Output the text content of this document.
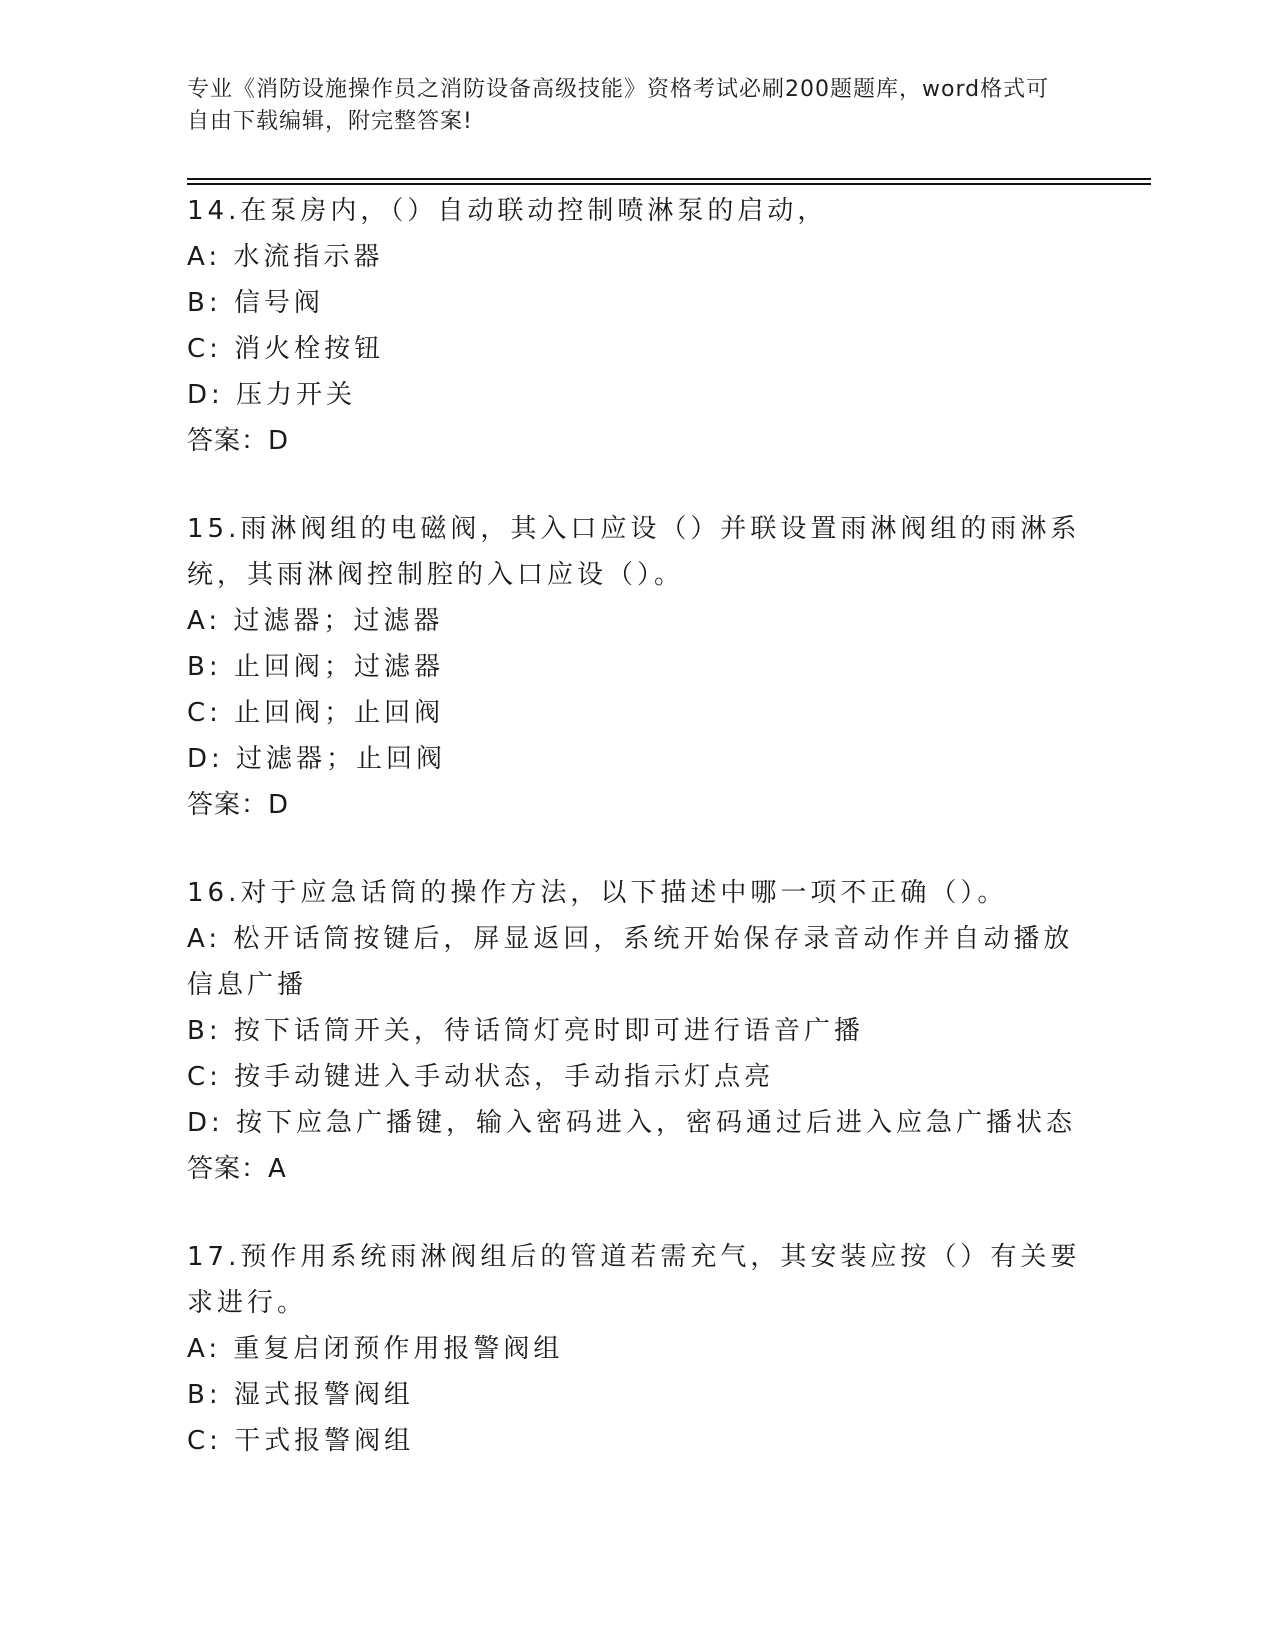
专业《消防设施操作员之消防设备高级技能》资格考试必刷200题题库，word格式可自由下载编辑，附完整答案!
14.在泵房内，（）自动联动控制喷淋泵的启动，
A: 水流指示器
B: 信号阀
C: 消火栓按钮
D: 压力开关
答案：D
15.雨淋阀组的电磁阀，其入口应设（）并联设置雨淋阀组的雨淋系统，其雨淋阀控制腔的入口应设（）。
A: 过滤器；过滤器
B: 止回阀；过滤器
C: 止回阀；止回阀
D: 过滤器；止回阀
答案：D
16.对于应急话筒的操作方法，以下描述中哪一项不正确（）。
A: 松开话筒按键后，屏显返回，系统开始保存录音动作并自动播放信息广播
B: 按下话筒开关，待话筒灯亮时即可进行语音广播
C: 按手动键进入手动状态，手动指示灯点亮
D: 按下应急广播键，输入密码进入，密码通过后进入应急广播状态
答案：A
17.预作用系统雨淋阀组后的管道若需充气，其安装应按（）有关要求进行。
A: 重复启闭预作用报警阀组
B: 湿式报警阀组
C: 干式报警阀组
